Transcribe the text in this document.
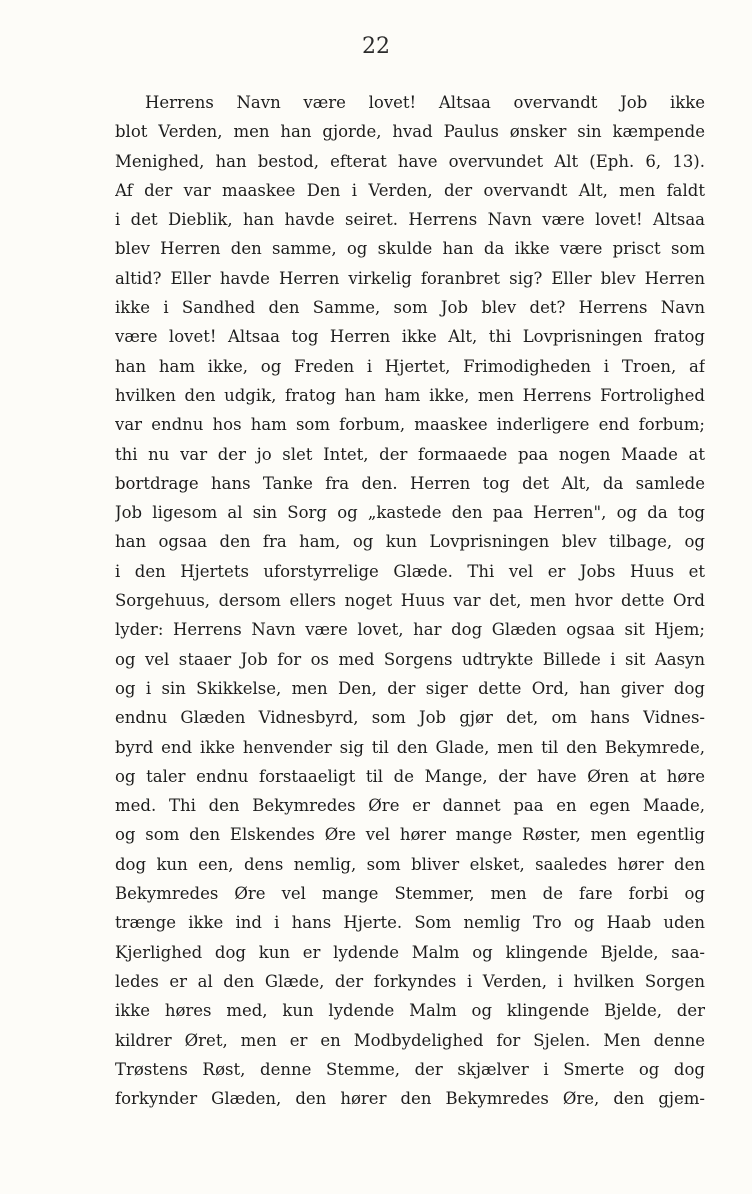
22
Herrens Navn være lovet! Altsaa overvandt Job ikke
blot Verden, men han gjorde, hvad Paulus ønsker sin kæmpende
Menighed, han bestod, efterat have overvundet Alt (Eph. 6, 13).
Af der var maaskee Den i Verden, der overvandt Alt, men faldt
i det Dieblik, han havde seiret. Herrens Navn være lovet! Altsaa
blev Herren den samme, og skulde han da ikke være prisct som
altid? Eller havde Herren virkelig foranbret sig? Eller blev Herren
ikke i Sandhed den Samme, som Job blev det? Herrens Navn
være lovet! Altsaa tog Herren ikke Alt, thi Lovprisningen fratog
han ham ikke, og Freden i Hjertet, Frimodigheden i Troen, af
hvilken den udgik, fratog han ham ikke, men Herrens Fortrolighed
var endnu hos ham som forbum, maaskee inderligere end forbum;
thi nu var der jo slet Intet, der formaaede paa nogen Maade at
bortdrage hans Tanke fra den. Herren tog det Alt, da samlede
Job ligesom al sin Sorg og „kastede den paa Herren", og da tog
han ogsaa den fra ham, og kun Lovprisningen blev tilbage, og
i den Hjertets uforstyrrelige Glæde. Thi vel er Jobs Huus et
Sorgehuus, dersom ellers noget Huus var det, men hvor dette Ord
lyder: Herrens Navn være lovet, har dog Glæden ogsaa sit Hjem;
og vel staaer Job for os med Sorgens udtrykte Billede i sit Aasyn
og i sin Skikkelse, men Den, der siger dette Ord, han giver dog
endnu Glæden Vidnesbyrd, som Job gjør det, om hans Vidnes-
byrd end ikke henvender sig til den Glade, men til den Bekymrede,
og taler endnu forstaaeligt til de Mange, der have Øren at høre
med. Thi den Bekymredes Øre er dannet paa en egen Maade,
og som den Elskendes Øre vel hører mange Røster, men egentlig
dog kun een, dens nemlig, som bliver elsket, saaledes hører den
Bekymredes Øre vel mange Stemmer, men de fare forbi og
trænge ikke ind i hans Hjerte. Som nemlig Tro og Haab uden
Kjerlighed dog kun er lydende Malm og klingende Bjelde, saa-
ledes er al den Glæde, der forkyndes i Verden, i hvilken Sorgen
ikke høres med, kun lydende Malm og klingende Bjelde, der
kildrer Øret, men er en Modbydelighed for Sjelen. Men denne
Trøstens Røst, denne Stemme, der skjælver i Smerte og dog
forkynder Glæden, den hører den Bekymredes Øre, den gjem-
